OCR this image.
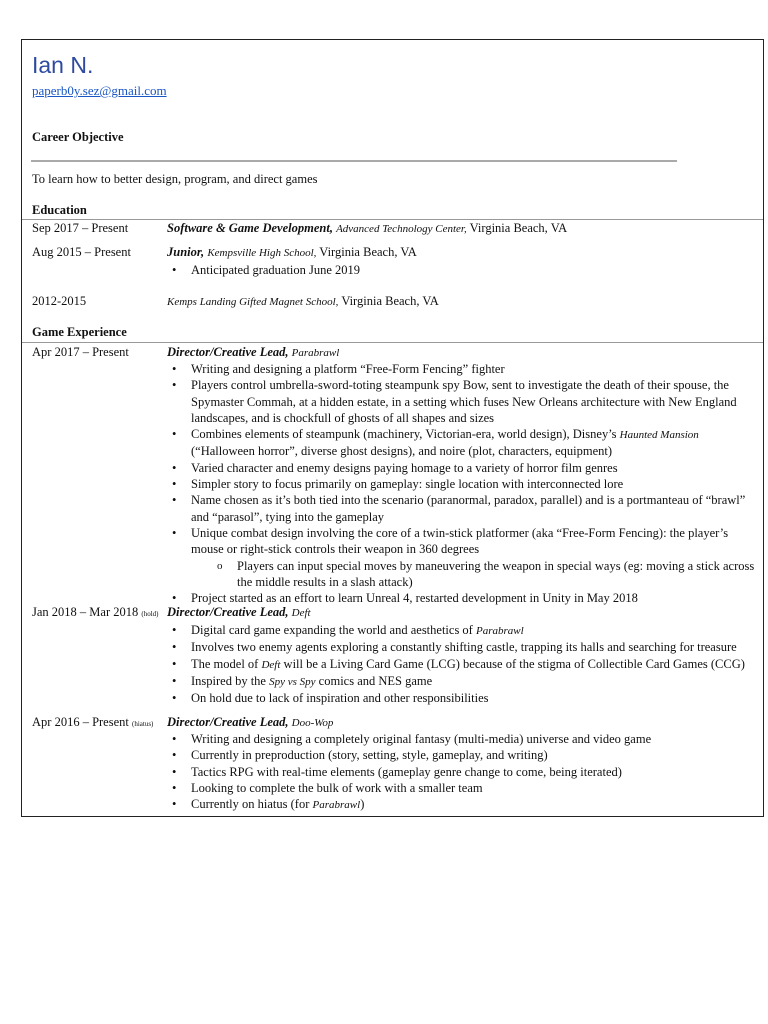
Ian N.
paperb0y.sez@gmail.com
Career Objective
To learn how to better design, program, and direct games
Education
Sep 2017 – Present	Software & Game Development, Advanced Technology Center, Virginia Beach, VA
Aug 2015 – Present	Junior, Kempsville High School, Virginia Beach, VA
• Anticipated graduation June 2019
2012-2015	Kemps Landing Gifted Magnet School, Virginia Beach, VA
Game Experience
Apr 2017 – Present	Director/Creative Lead, Parabrawl
• Writing and designing a platform “Free-Form Fencing” fighter
• Players control umbrella-sword-toting steampunk spy Bow, sent to investigate the death of their spouse, the Spymaster Commah, at a hidden estate, in a setting which fuses New Orleans architecture with New England landscapes, and is chockfull of ghosts of all shapes and sizes
• Combines elements of steampunk (machinery, Victorian-era, world design), Disney’s Haunted Mansion (“Halloween horror”, diverse ghost designs), and noire (plot, characters, equipment)
• Varied character and enemy designs paying homage to a variety of horror film genres
• Simpler story to focus primarily on gameplay: single location with interconnected lore
• Name chosen as it’s both tied into the scenario (paranormal, paradox, parallel) and is a portmanteau of “brawl” and “parasol”, tying into the gameplay
• Unique combat design involving the core of a twin-stick platformer (aka “Free-Form Fencing): the player’s mouse or right-stick controls their weapon in 360 degrees
o Players can input special moves by maneuvering the weapon in special ways (eg: moving a stick across the middle results in a slash attack)
• Project started as an effort to learn Unreal 4, restarted development in Unity in May 2018
Jan 2018 – Mar 2018 (hold) Director/Creative Lead, Deft
• Digital card game expanding the world and aesthetics of Parabrawl
• Involves two enemy agents exploring a constantly shifting castle, trapping its halls and searching for treasure
• The model of Deft will be a Living Card Game (LCG) because of the stigma of Collectible Card Games (CCG)
• Inspired by the Spy vs Spy comics and NES game
• On hold due to lack of inspiration and other responsibilities
Apr 2016 – Present (hiatus) Director/Creative Lead, Doo-Wop
• Writing and designing a completely original fantasy (multi-media) universe and video game
• Currently in preproduction (story, setting, style, gameplay, and writing)
• Tactics RPG with real-time elements (gameplay genre change to come, being iterated)
• Looking to complete the bulk of work with a smaller team
• Currently on hiatus (for Parabrawl)
